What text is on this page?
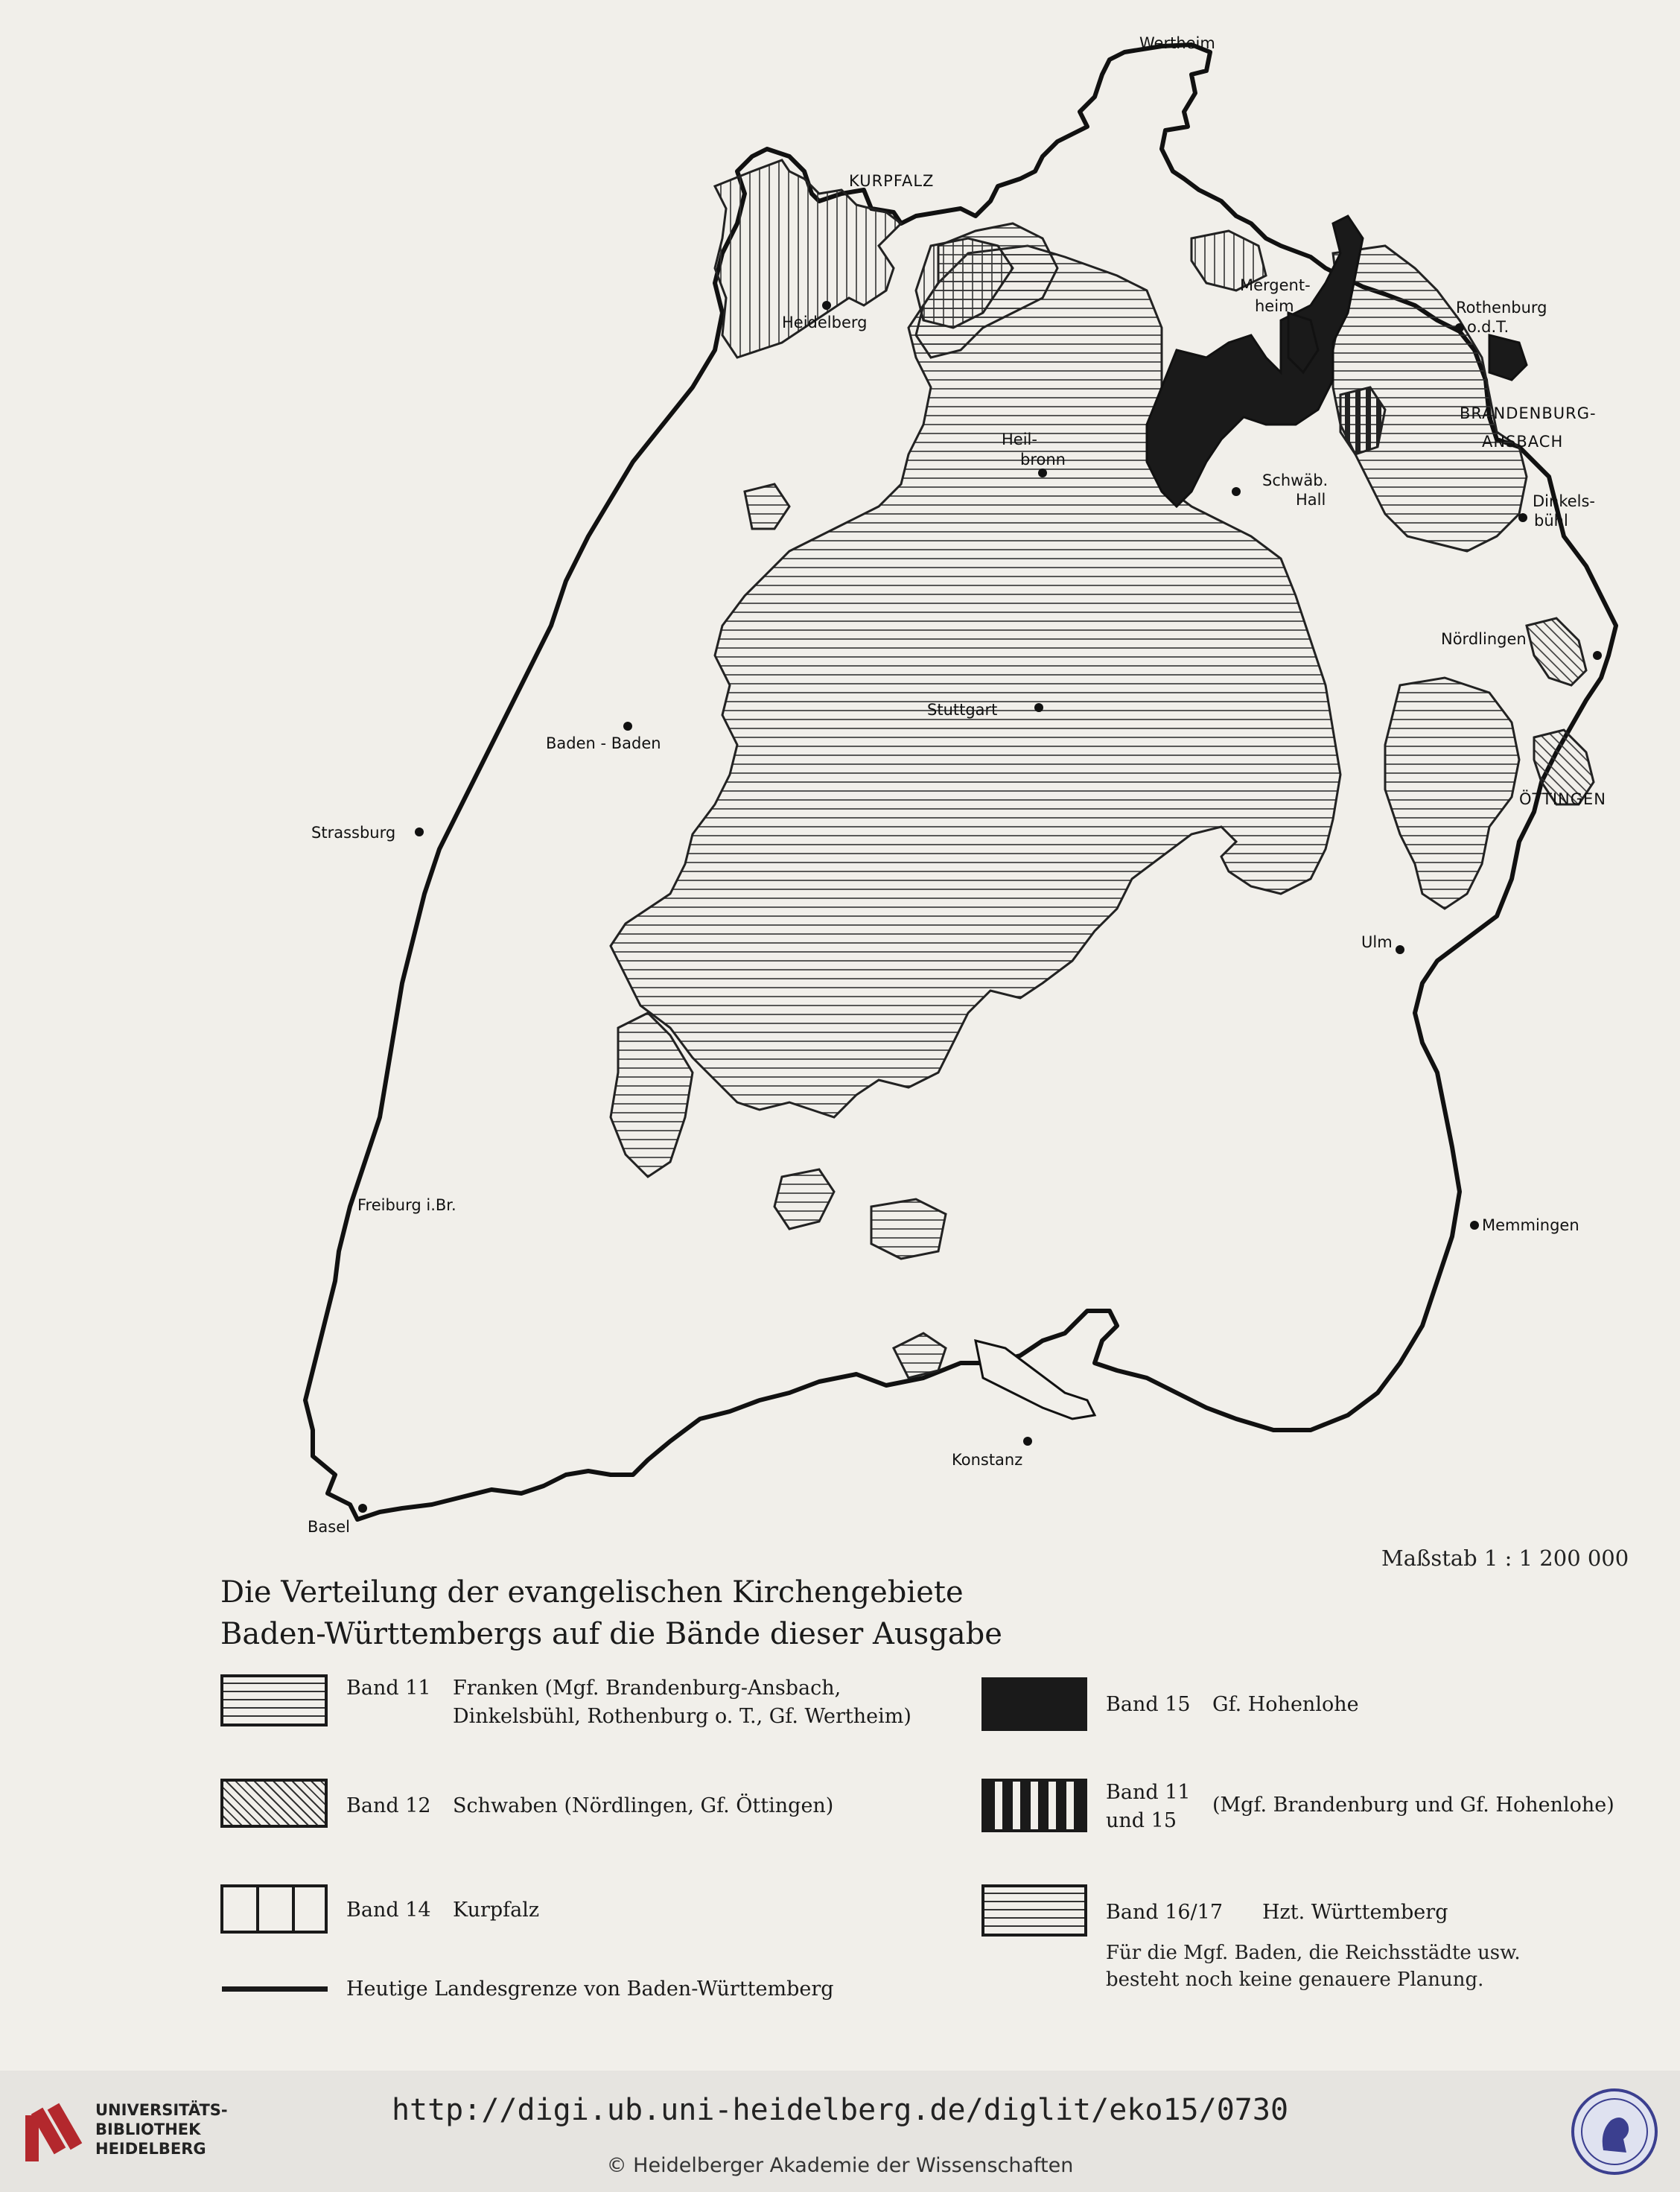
Wertheim
KURPFALZ
Heidelberg
Mergent-
heim	Rothenburg
o.d.T.
BRANDENBURG-
ANSBACH
Heil-
bronn
Schwäb.
Hall	Dinkels-
bühl
Nördlingen
Stuttgart
Baden - Baden
Strassburg
ÖTTINGEN
Ulm
Freiburg i.Br.
Memmingen
Konstanz
Basel
Maßstab 1 : 1 200 000
Die Verteilung der evangelischen Kirchengebiete
Baden-Württembergs auf die Bände dieser Ausgabe
Band 11 Franken (Mgf. Brandenburg-Ansbach,
Dinkelsbühl, Rothenburg o. T., Gf. Wertheim)
Band 12 Schwaben (Nördlingen, Gf. Öttingen)
Band 14 Kurpfalz
Band 15 Gf. Hohenlohe
Band 11
und 15
(Mgf. Brandenburg und Gf. Hohenlohe)
Band 16/17 Hzt. Württemberg
Heutige Landesgrenze von Baden-Württemberg
Für die Mgf. Baden, die Reichsstädte usw.
besteht noch keine genauere Planung.
UNIVERSITÄTS-
BIBLIOTHEK
HEIDELBERG
http://digi.ub.uni-heidelberg.de/diglit/eko15/0730
© Heidelberger Akademie der Wissenschaften
